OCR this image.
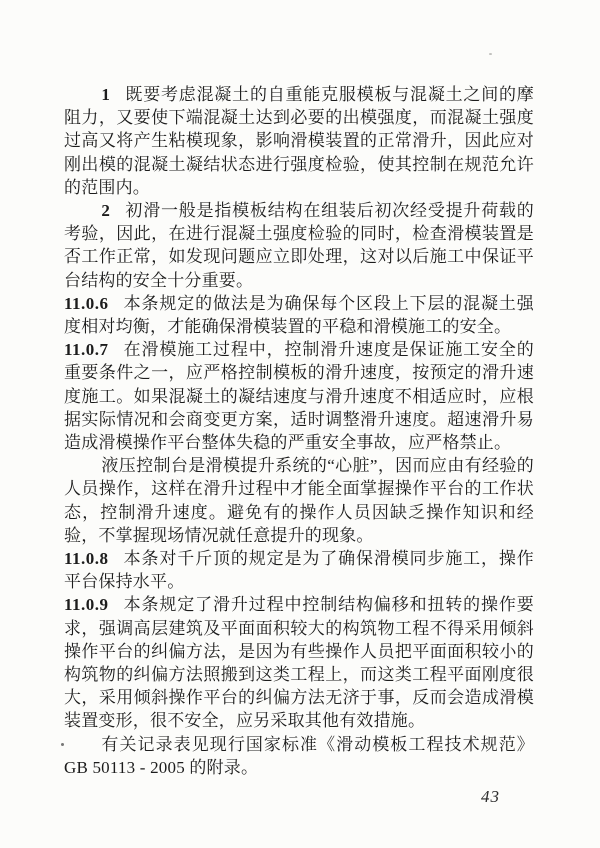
1 既要考虑混凝土的自重能克服模板与混凝土之间的摩阻力，又要使下端混凝土达到必要的出模强度，而混凝土强度过高又将产生粘模现象，影响滑模装置的正常滑升，因此应对刚出模的混凝土凝结状态进行强度检验，使其控制在规范允许的范围内。

2 初滑一般是指模板结构在组装后初次经受提升荷载的考验，因此，在进行混凝土强度检验的同时，检查滑模装置是否工作正常，如发现问题应立即处理，这对以后施工中保证平台结构的安全十分重要。

11.0.6 本条规定的做法是为确保每个区段上下层的混凝土强度相对均衡，才能确保滑模装置的平稳和滑模施工的安全。

11.0.7 在滑模施工过程中，控制滑升速度是保证施工安全的重要条件之一，应严格控制模板的滑升速度，按预定的滑升速度施工。如果混凝土的凝结速度与滑升速度不相适应时，应根据实际情况和会商变更方案，适时调整滑升速度。超速滑升易造成滑模操作平台整体失稳的严重安全事故，应严格禁止。

液压控制台是滑模提升系统的“心脏”，因而应由有经验的人员操作，这样在滑升过程中才能全面掌握操作平台的工作状态，控制滑升速度。避免有的操作人员因缺乏操作知识和经验，不掌握现场情况就任意提升的现象。

11.0.8 本条对千斤顶的规定是为了确保滑模同步施工，操作平台保持水平。

11.0.9 本条规定了滑升过程中控制结构偏移和扭转的操作要求，强调高层建筑及平面面积较大的构筑物工程不得采用倾斜操作平台的纠偏方法，是因为有些操作人员把平面面积较小的构筑物的纠偏方法照搬到这类工程上，而这类工程平面刚度很大，采用倾斜操作平台的纠偏方法无济于事，反而会造成滑模装置变形，很不安全，应另采取其他有效措施。

有关记录表见现行国家标准《滑动模板工程技术规范》GB 50113 - 2005 的附录。

43
